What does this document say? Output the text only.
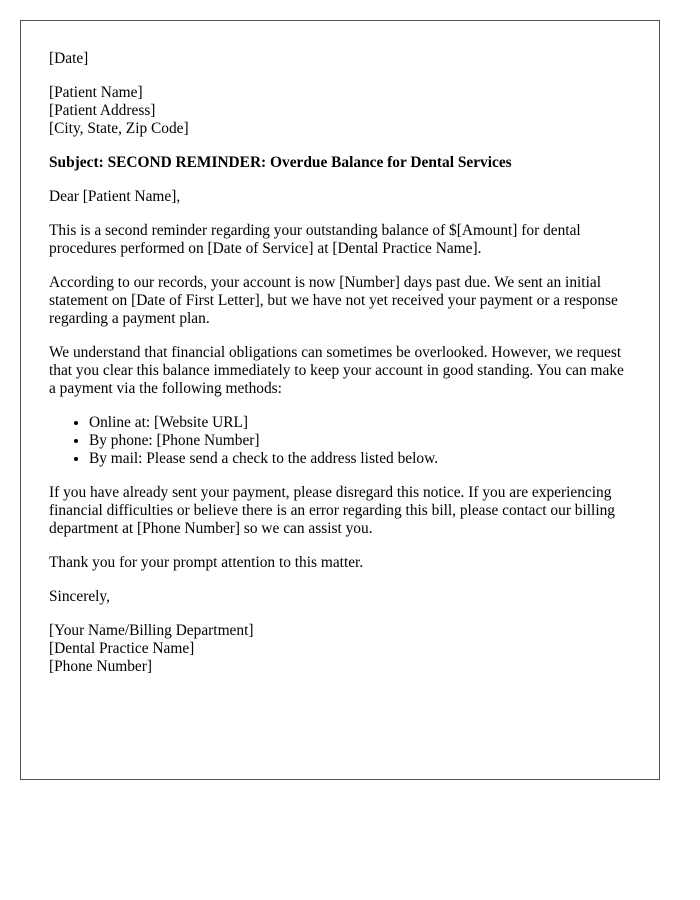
[Date]

[Patient Name]
[Patient Address]
[City, State, Zip Code]

Subject: SECOND REMINDER: Overdue Balance for Dental Services

Dear [Patient Name],

This is a second reminder regarding your outstanding balance of $[Amount] for dental procedures performed on [Date of Service] at [Dental Practice Name].

According to our records, your account is now [Number] days past due. We sent an initial statement on [Date of First Letter], but we have not yet received your payment or a response regarding a payment plan.

We understand that financial obligations can sometimes be overlooked. However, we request that you clear this balance immediately to keep your account in good standing. You can make a payment via the following methods:

• Online at: [Website URL]
• By phone: [Phone Number]
• By mail: Please send a check to the address listed below.

If you have already sent your payment, please disregard this notice. If you are experiencing financial difficulties or believe there is an error regarding this bill, please contact our billing department at [Phone Number] so we can assist you.

Thank you for your prompt attention to this matter.

Sincerely,

[Your Name/Billing Department]
[Dental Practice Name]
[Phone Number]
